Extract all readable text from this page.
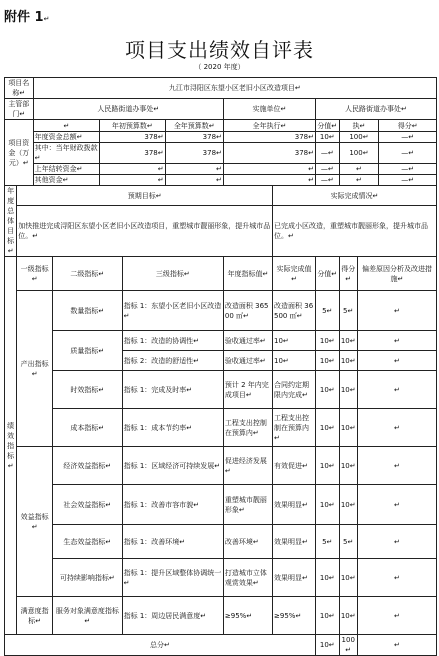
附件 1↵
项目支出绩效自评表
（ 2020 年度）
项目名称↵		九江市浔阳区东望小区老旧小区改造项目↵										
主管部门↵		人民路街道办事处↵					实施单位↵		人民路街道办事处↵			
项目资金（万元）↵		↵		年初预算数↵		全年预算数↵	全年执行↵		分值↵	执↵		得分↵
		年度资金总额↵		378↵		378↵	378↵		10↵	100↵		—↵
		其中：当年财政拨款↵		378↵		378↵	378↵		—↵	100↵		—↵
		上年结转资金↵		↵		↵	↵		—↵	↵		—↵
		其他资金↵		↵		↵	↵		—↵	↵		—↵
年度总体目标↵	预期目标↵							实际完成情况↵				
	加快推进完成浔阳区东望小区老旧小区改造项目，重塑城市靓丽形象，提升城市品位。↵							已完成小区改造，重塑城市靓丽形象，提升城市品位。↵				
绩效指标↵	一级指标↵		二级指标↵		三级指标↵		年度指标值↵	实际完成值↵	分值↵	得分↵	偏差原因分析及改进措施↵	
	产出指标↵		数量指标↵		指标 1：东望小区老旧小区改造↵		改造面积 36500 ㎡↵	改造面积 36500 ㎡↵	5↵	5↵	↵	
			质量指标↵		指标 1：改造的协调性↵		验收通过率↵	10↵	10↵	10↵	↵	
					指标 2：改造的舒适性↵		验收通过率↵	10↵	10↵	10↵	↵	
			时效指标↵		指标 1：完成及时率↵		预计 2 年内完成项目↵	合同约定期限内完成↵	10↵	10↵	↵	
			成本指标↵		指标 1：成本节约率↵		工程支出控制在预算内↵	工程支出控制在预算内↵	10↵	10↵	↵	
	效益指标↵		经济效益指标↵		指标 1：区域经济可持续发展↵		促进经济发展↵	有效促进↵	10↵	10↵	↵	
			社会效益指标↵		指标 1：改善市容市貌↵		重塑城市靓丽形象↵	效果明显↵	10↵	10↵	↵	
			生态效益指标↵		指标 1：改善环境↵		改善环境↵	效果明显↵	5↵	5↵	↵	
			可持续影响指标↵		指标 1：提升区域整体协调统一↵		打造城市立体观赏效果↵	效果明显↵	10↵	10↵	↵	
	满意度指标↵		服务对象满意度指标↵		指标 1：周边居民满意度↵		≥95%↵	≥95%↵	10↵	10↵	↵	
总分↵									10↵	100↵	↵	
